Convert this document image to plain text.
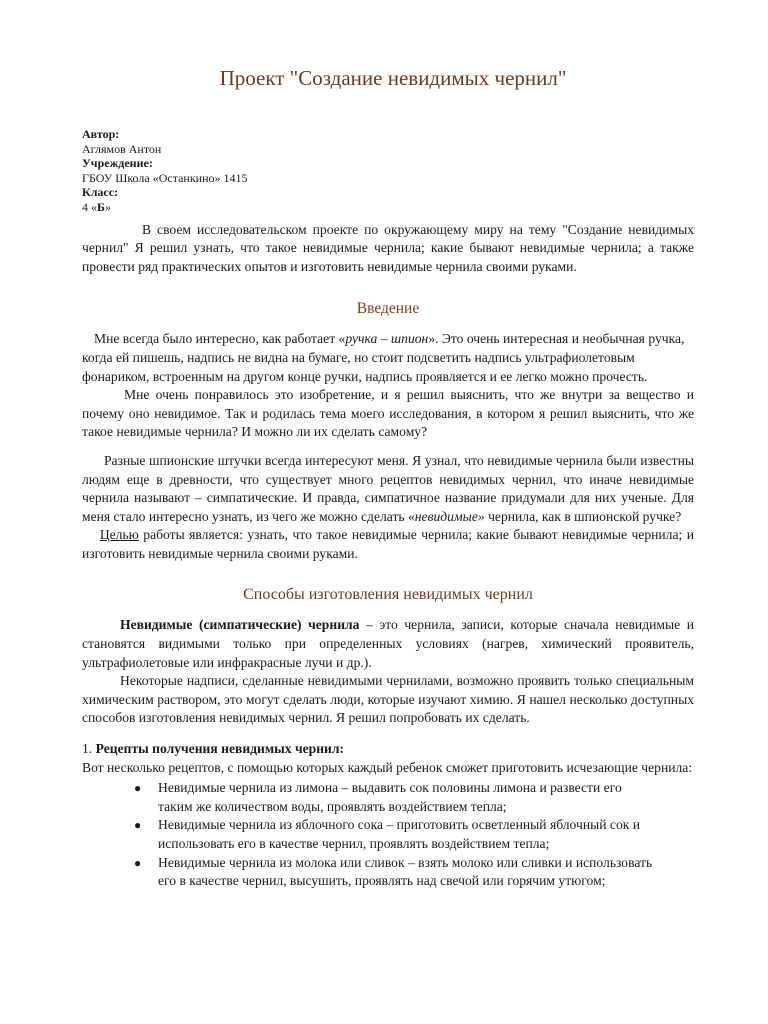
Проект "Создание невидимых чернил"
Автор:
Аглямов Антон
Учреждение:
ГБОУ Школа «Останкино» 1415
Класс:
4 «Б»

В своем исследовательском проекте по окружающему миру на тему "Создание невидимых чернил" Я решил узнать, что такое невидимые чернила; какие бывают невидимые чернила; а также провести ряд практических опытов и изготовить невидимые чернила своими руками.

Введение

Мне всегда было интересно, как работает «ручка – шпион». Это очень интересная и необычная ручка, когда ей пишешь, надпись не видна на бумаге, но стоит подсветить надпись ультрафиолетовым фонариком, встроенным на другом конце ручки, надпись проявляется и ее легко можно прочесть.

Мне очень понравилось это изобретение, и я решил выяснить, что же внутри за вещество и почему оно невидимое. Так и родилась тема моего исследования, в котором я решил выяснить, что же такое невидимые чернила? И можно ли их сделать самому?

Разные шпионские штучки всегда интересуют меня. Я узнал, что невидимые чернила были известны людям еще в древности, что существует много рецептов невидимых чернил, что иначе невидимые чернила называют – симпатические. И правда, симпатичное название придумали для них ученые. Для меня стало интересно узнать, из чего же можно сделать «невидимые» чернила, как в шпионской ручке?

Целью работы является: узнать, что такое невидимые чернила; какие бывают невидимые чернила; и изготовить невидимые чернила своими руками.

Способы изготовления невидимых чернил

Невидимые (симпатические) чернила – это чернила, записи, которые сначала невидимые и становятся видимыми только при определенных условиях (нагрев, химический проявитель, ультрафиолетовые или инфракрасные лучи и др.).

Некоторые надписи, сделанные невидимыми чернилами, возможно проявить только специальным химическим раствором, это могут сделать люди, которые изучают химию. Я нашел несколько доступных способов изготовления невидимых чернил. Я решил попробовать их сделать.

1. Рецепты получения невидимых чернил:

Вот несколько рецептов, с помощью которых каждый ребенок сможет приготовить исчезающие чернила:

● Невидимые чернила из лимона – выдавить сок половины лимона и развести его таким же количеством воды, проявлять воздействием тепла;
● Невидимые чернила из яблочного сока – приготовить осветленный яблочный сок и использовать его в качестве чернил, проявлять воздействием тепла;
● Невидимые чернила из молока или сливок – взять молоко или сливки и использовать его в качестве чернил, высушить, проявлять над свечой или горячим утюгом;
